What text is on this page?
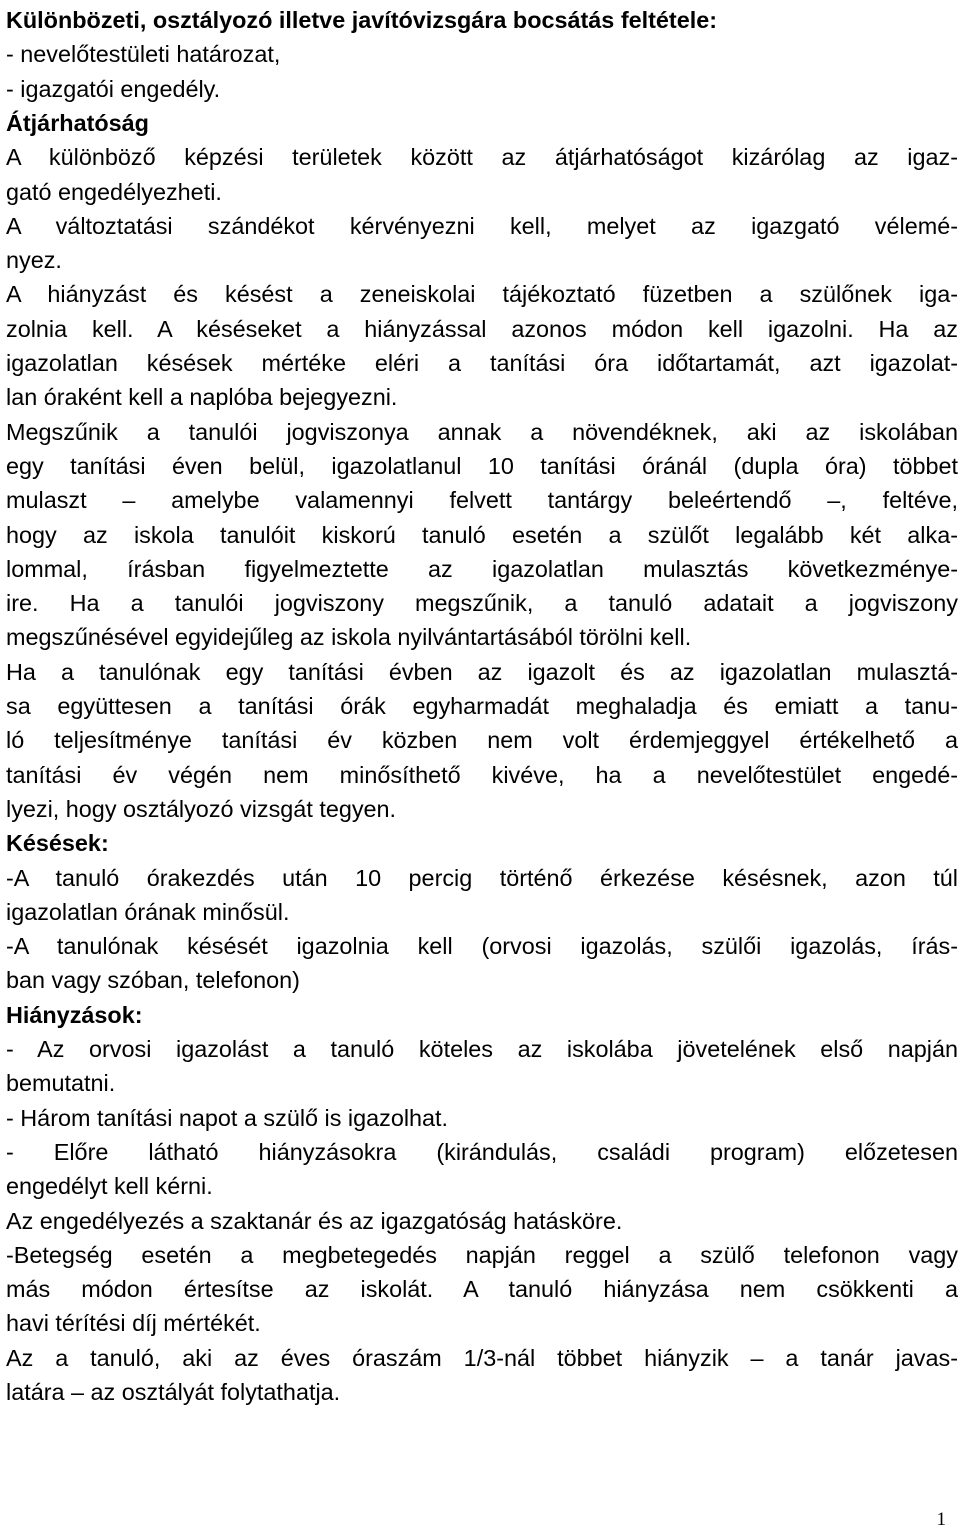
Különbözeti, osztályozó illetve javítóvizsgára bocsátás feltétele:
- nevelőtestületi határozat,
- igazgatói engedély.
Átjárhatóság
A különböző képzési területek között az átjárhatóságot kizárólag az igaz-
gató engedélyezheti.
A változtatási szándékot kérvényezni kell, melyet az igazgató vélemé-
nyez.
A hiányzást és késést a zeneiskolai tájékoztató füzetben a szülőnek iga-
zolnia kell. A késéseket a hiányzással azonos módon kell igazolni. Ha az
igazolatlan késések mértéke eléri a tanítási óra időtartamát, azt igazolat-
lan óraként kell a naplóba bejegyezni.
Megszűnik a tanulói jogviszonya annak a növendéknek, aki az iskolában
egy tanítási éven belül, igazolatlanul 10 tanítási óránál (dupla óra) többet
mulaszt – amelybe valamennyi felvett tantárgy beleértendő –, feltéve,
hogy az iskola tanulóit kiskorú tanuló esetén a szülőt legalább két alka-
lommal, írásban figyelmeztette az igazolatlan mulasztás következménye-
ire. Ha a tanulói jogviszony megszűnik, a tanuló adatait a jogviszony
megszűnésével egyidejűleg az iskola nyilvántartásából törölni kell.
Ha a tanulónak egy tanítási évben az igazolt és az igazolatlan mulasztá-
sa együttesen a tanítási órák egyharmadát meghaladja és emiatt a tanu-
ló teljesítménye tanítási év közben nem volt érdemjeggyel értékelhető a
tanítási év végén nem minősíthető kivéve, ha a nevelőtestület engedé-
lyezi, hogy osztályozó vizsgát tegyen.
Késések:
-A tanuló órakezdés után 10 percig történő érkezése késésnek, azon túl
igazolatlan órának minősül.
-A tanulónak késését igazolnia kell (orvosi igazolás, szülői igazolás, írás-
ban vagy szóban, telefonon)
Hiányzások:
- Az orvosi igazolást a tanuló köteles az iskolába jövetelének első napján
bemutatni.
- Három tanítási napot a szülő is igazolhat.
- Előre látható hiányzásokra (kirándulás, családi program) előzetesen
engedélyt kell kérni.
Az engedélyezés a szaktanár és az igazgatóság hatásköre.
-Betegség esetén a megbetegedés napján reggel a szülő telefonon vagy
más módon értesítse az iskolát. A tanuló hiányzása nem csökkenti a
havi térítési díj mértékét.
Az a tanuló, aki az éves óraszám 1/3-nál többet hiányzik – a tanár javas-
latára – az osztályát folytathatja.
1
